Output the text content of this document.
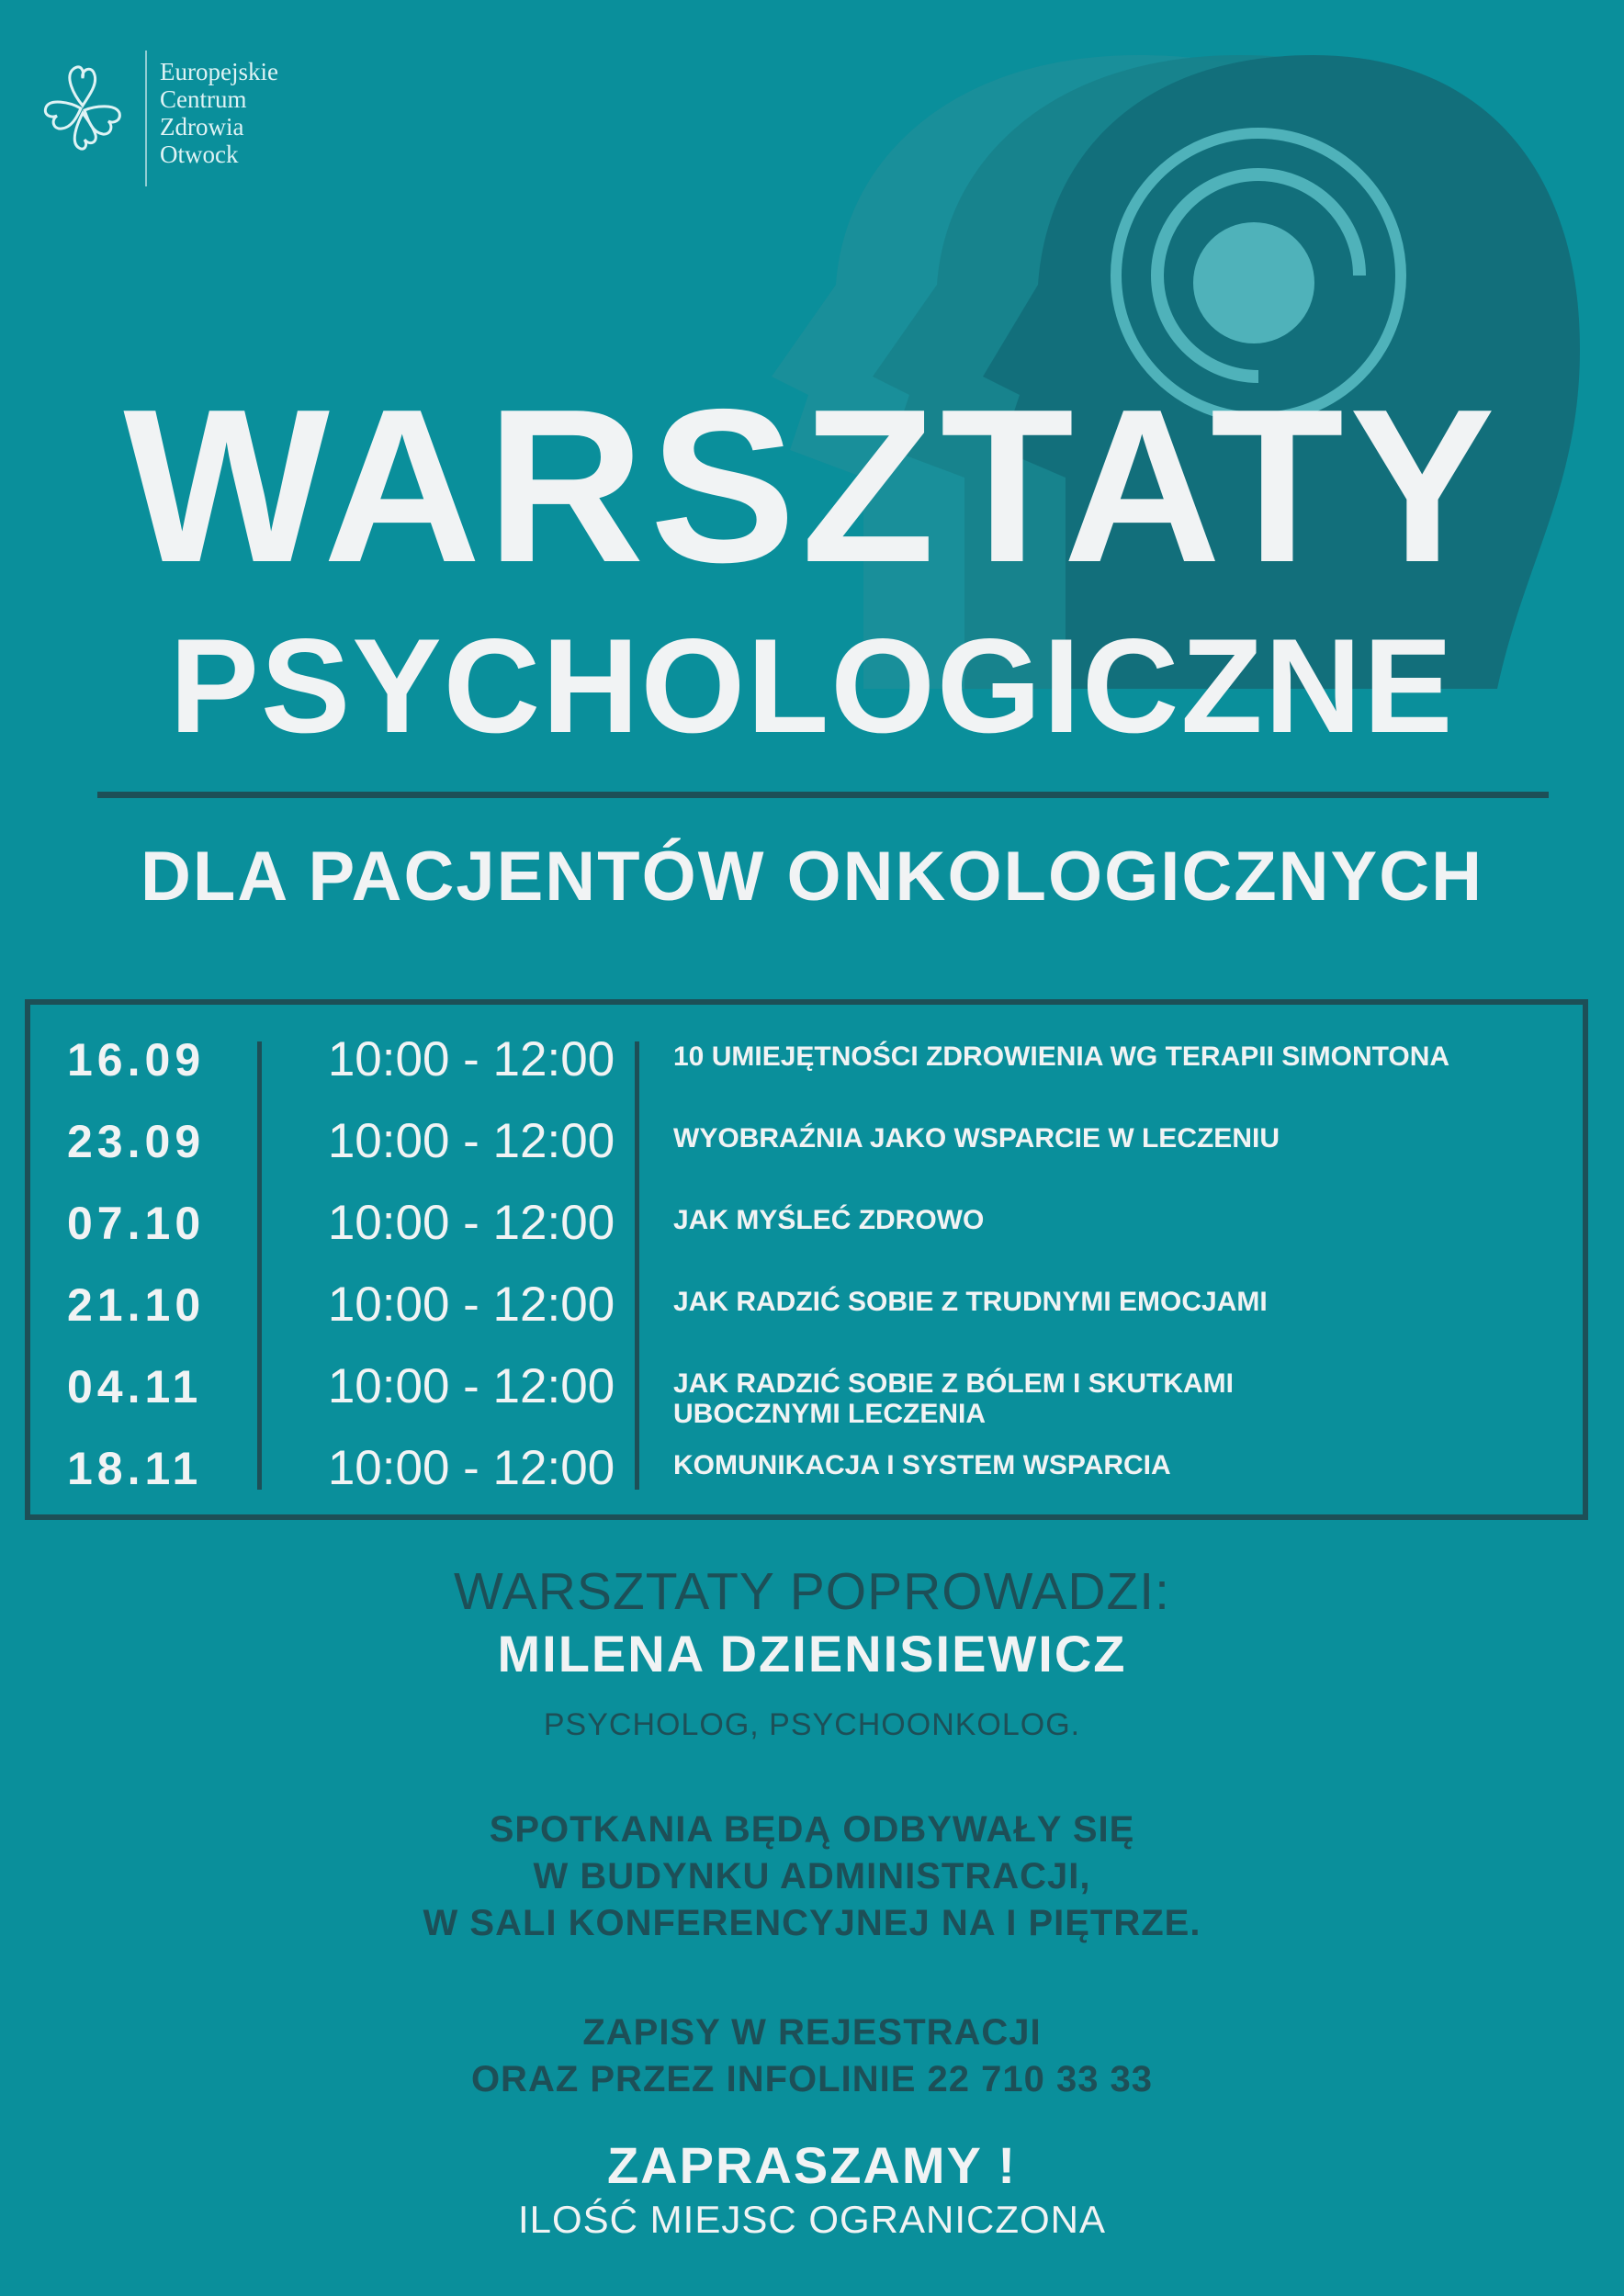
Europejskie
Centrum
Zdrowia
Otwock
WARSZTATY
PSYCHOLOGICZNE
DLA PACJENTÓW ONKOLOGICZNYCH
16.09	10:00 - 12:00	10 UMIEJĘTNOŚCI ZDROWIENIA WG TERAPII SIMONTONA
23.09	10:00 - 12:00	WYOBRAŹNIA JAKO WSPARCIE W LECZENIU
07.10	10:00 - 12:00	JAK MYŚLEĆ ZDROWO
21.10	10:00 - 12:00	JAK RADZIĆ SOBIE Z TRUDNYMI EMOCJAMI
04.11	10:00 - 12:00	JAK RADZIĆ SOBIE Z BÓLEM I SKUTKAMI UBOCZNYMI LECZENIA
18.11	10:00 - 12:00	KOMUNIKACJA I SYSTEM WSPARCIA
WARSZTATY POPROWADZI:
MILENA DZIENISIEWICZ
PSYCHOLOG, PSYCHOONKOLOG.
SPOTKANIA BĘDĄ ODBYWAŁY SIĘ
W BUDYNKU ADMINISTRACJI,
W SALI KONFERENCYJNEJ NA I PIĘTRZE.
ZAPISY W REJESTRACJI
ORAZ PRZEZ INFOLINIE 22 710 33 33
ZAPRASZAMY !
ILOŚĆ MIEJSC OGRANICZONA
